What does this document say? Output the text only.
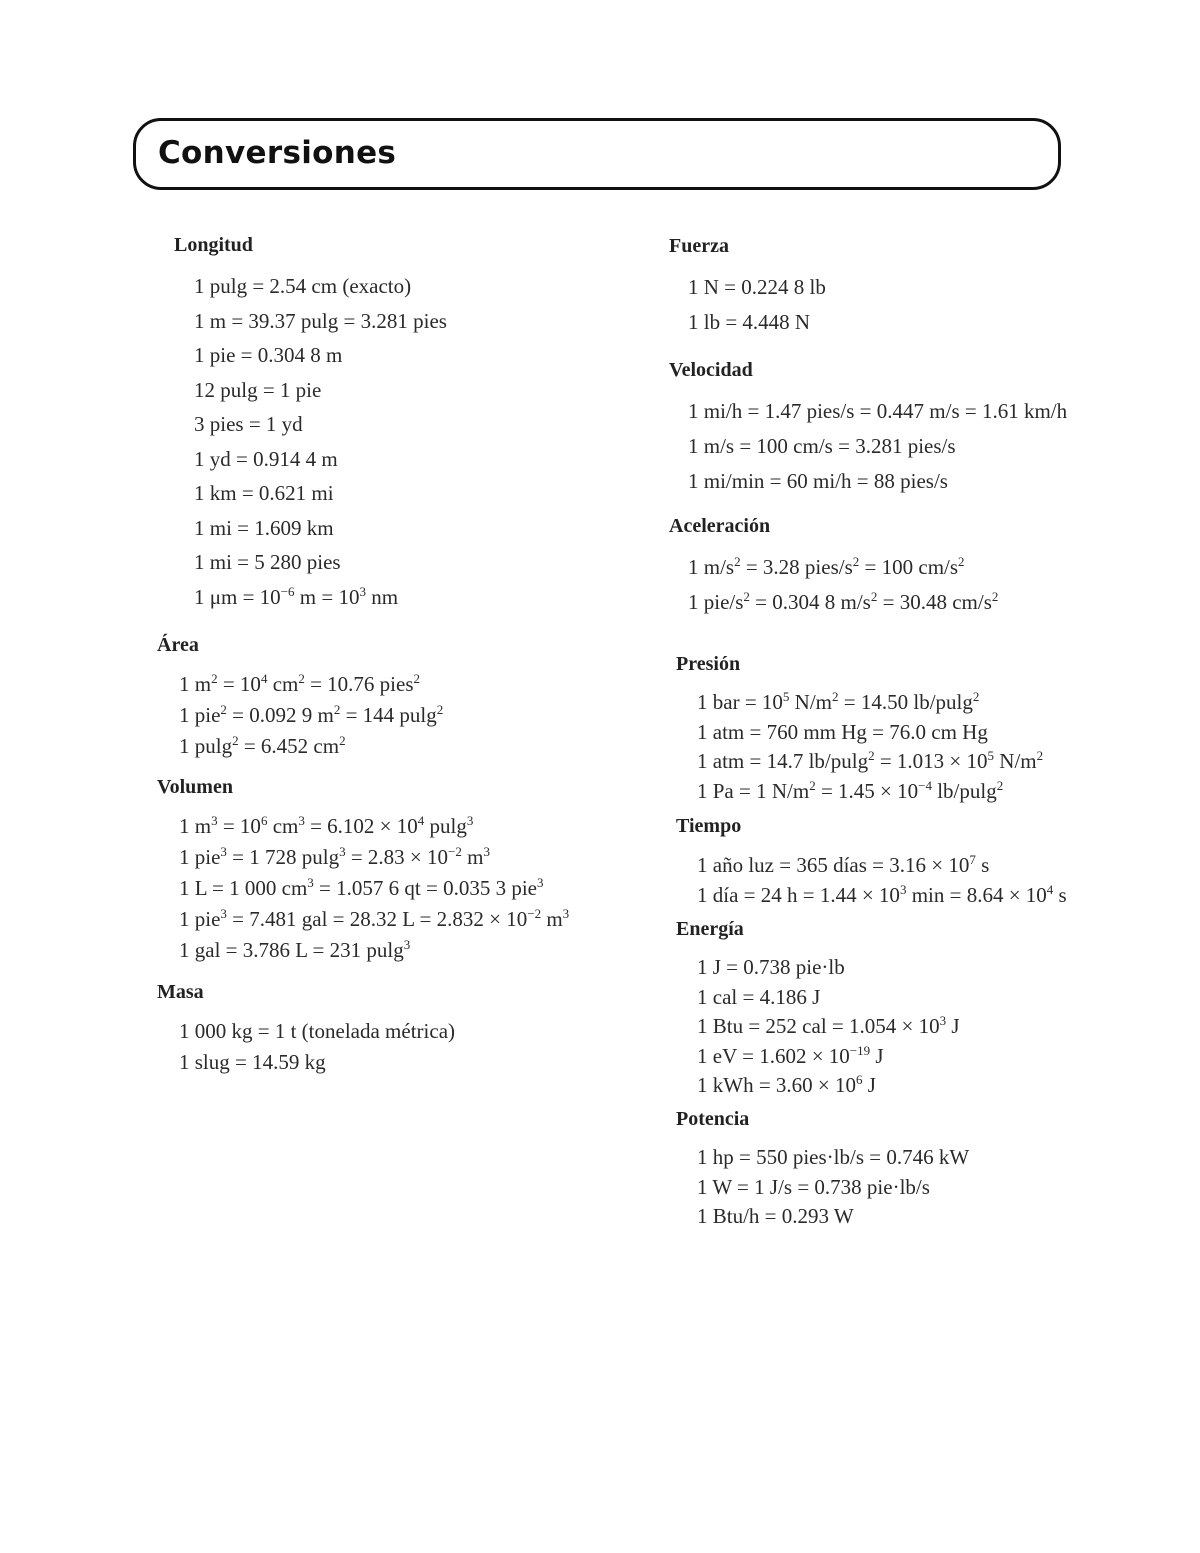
Conversiones
Longitud
1 pulg = 2.54 cm (exacto)
1 m = 39.37 pulg = 3.281 pies
1 pie = 0.304 8 m
12 pulg = 1 pie
3 pies = 1 yd
1 yd = 0.914 4 m
1 km = 0.621 mi
1 mi = 1.609 km
1 mi = 5 280 pies
1 $\mu m = 10^{-6}$ $m = 10^3$ nm
Área
1 $m^2 = 10^4$ $cm^2 = 10.76$ pies$^2$
1 pie$^2$ = 0.092 9 $m^2 = 144$ pulg$^2$
1 pulg$^2$ = 6.452 $cm^2$
Volumen
1 $m^3 = 10^6$ $cm^3 = 6.102 \times 10^4$ pulg$^3$
1 pie$^3$ = 1 728 $pulg^3 = 2.83 \times 10^{-2}$ $m^3$
1 L = 1 000 $cm^3 = 1.057$ 6 qt = 0.035 3 pie$^3$
1 pie$^3$ = 7.481 gal = 28.32 $L = 2.832 \times 10^{-2}$ $m^3$
1 gal = 3.786 L = 231 pulg$^3$
Masa
1 000 kg = 1 t (tonelada métrica)
1 slug = 14.59 kg
Fuerza
1 N = 0.224 8 lb
1 lb = 4.448 N
Velocidad
1 mi/h = 1.47 pies/s = 0.447 m/s = 1.61 km/h
1 m/s = 100 cm/s = 3.281 pies/s
1 mi/min = 60 mi/h = 88 pies/s
Aceleración
1 $m/s^2 = 3.28$ pies/$s^2 = 100$ $cm/s^2$
1 pie/$s^2 = 0.304$ 8 $m/s^2 = 30.48$ $cm/s^2$
Presión
1 bar = $10^5$ $N/m^2 = 14.50$ lb/pulg$^2$
1 atm = 760 mm Hg = 76.0 cm Hg
1 atm = 14.7 $lb/pulg^2 = 1.013 \times 10^5$ $N/m^2$
1 Pa = 1 $N/m^2 = 1.45 \times 10^{-4}$ lb/pulg$^2$
Tiempo
1 año luz = 365 días = $3.16 \times 10^7$ s
1 día = 24 $h = 1.44 \times 10^3$ $\min = 8.64 \times 10^4$ s
Energía
1 J = 0.738 pie·lb
1 cal = 4.186 J
1 Btu = 252 cal = $1.054 \times 10^3$ J
1 eV = $1.602 \times 10^{-19}$ J
1 kWh = $3.60 \times 10^6$ J
Potencia
1 hp = 550 pies·lb/s = 0.746 kW
1 W = 1 J/s = 0.738 pie·lb/s
1 Btu/h = 0.293 W
